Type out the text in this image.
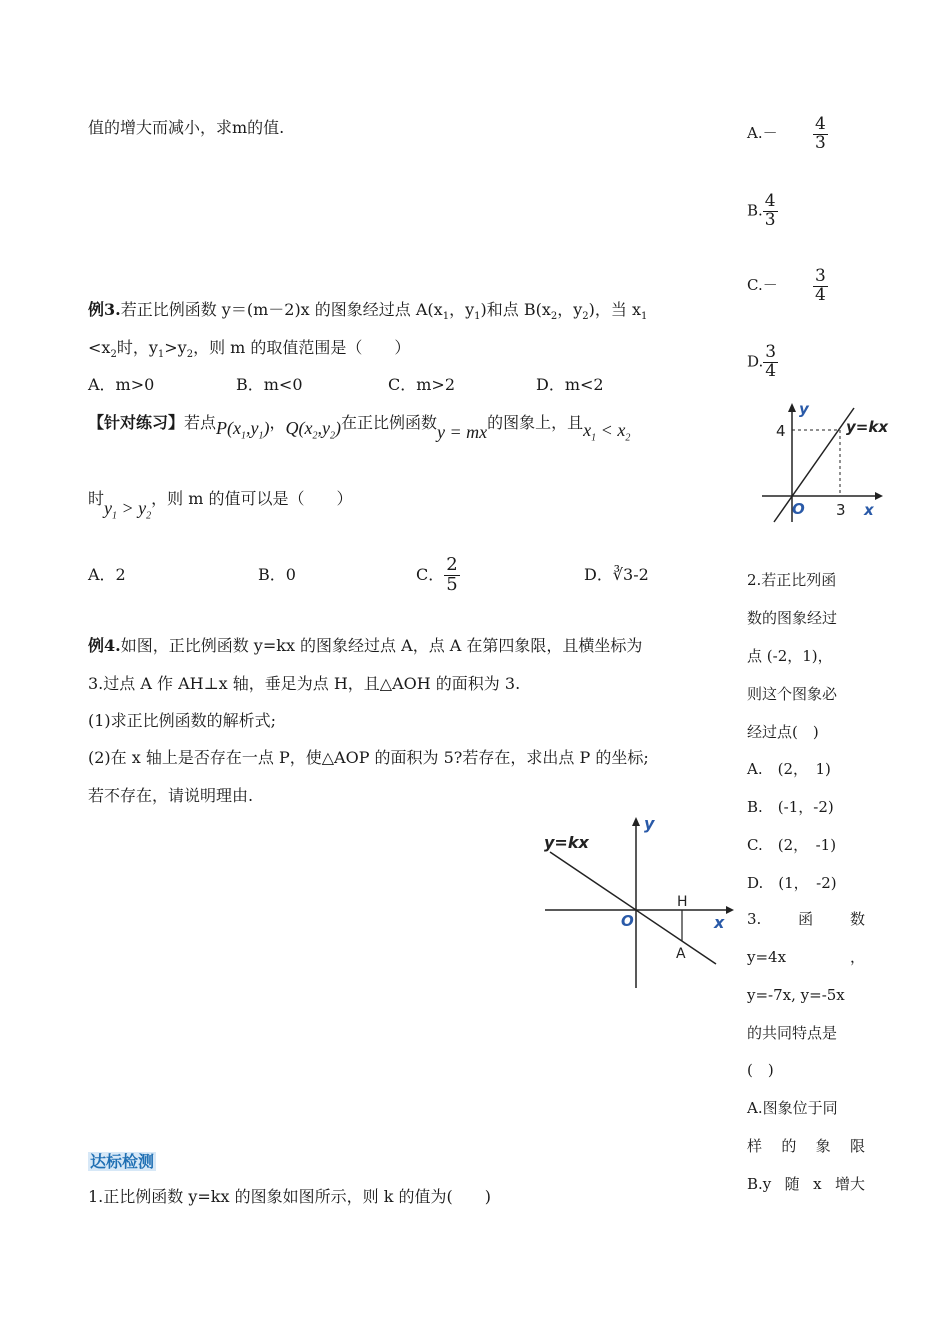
值的增大而减小，求m的值.
例3.若正比例函数 y＝(m－2)x 的图象经过点 $A(x_1$，$y_1$)和点 $B(x_2$，$y_2$)，当 $x_1$
$<x_2$时，$y_1>y_2$，则 m 的取值范围是（　　）
A．m>0	B．m<0	C．m>2	D．m<2
【针对练习】若点$P(x_1,y_1)$，$Q(x_2,y_2)$在正比例函数y = mx的图象上，且$x_1 < x_2$
时$y_1 > y_2$，则 m 的值可以是（　　）
A．2	B．0	C． $\frac{2}{5}$	D．∛3-2
例4.如图，正比例函数 y=kx 的图象经过点 A，点 A 在第四象限，且横坐标为
3.过点 A 作 AH⊥x 轴，垂足为点 H，且△AOH 的面积为 3.
(1)求正比例函数的解析式;
(2)在 x 轴上是否存在一点 P，使△AOP 的面积为 5?若存在，求出点 P 的坐标;
若不存在，请说明理由.
y
x
O
y=kx
H
A
达标检测
1.正比例函数 y=kx 的图象如图所示，则 k 的值为(　　)
$A.- \frac{4}{3}$
B. $\frac{4}{3}$
$C.- \frac{3}{4}$
D. $\frac{3}{4}$
y
x
O
4
3
y=kx
2.若正比列函
数的图象经过
点 (-2，1)，
则这个图象必
经过点(　)
A.　(2，　1)
B.　(-1，-2)
C.　(2，　-1)
D.　(1，　-2)
3. 函 数
y=4x	，
y=-7x, y=-5x
的共同特点是
(　)
A.图象位于同
样 的 象 限
B.y 随 x 增大
